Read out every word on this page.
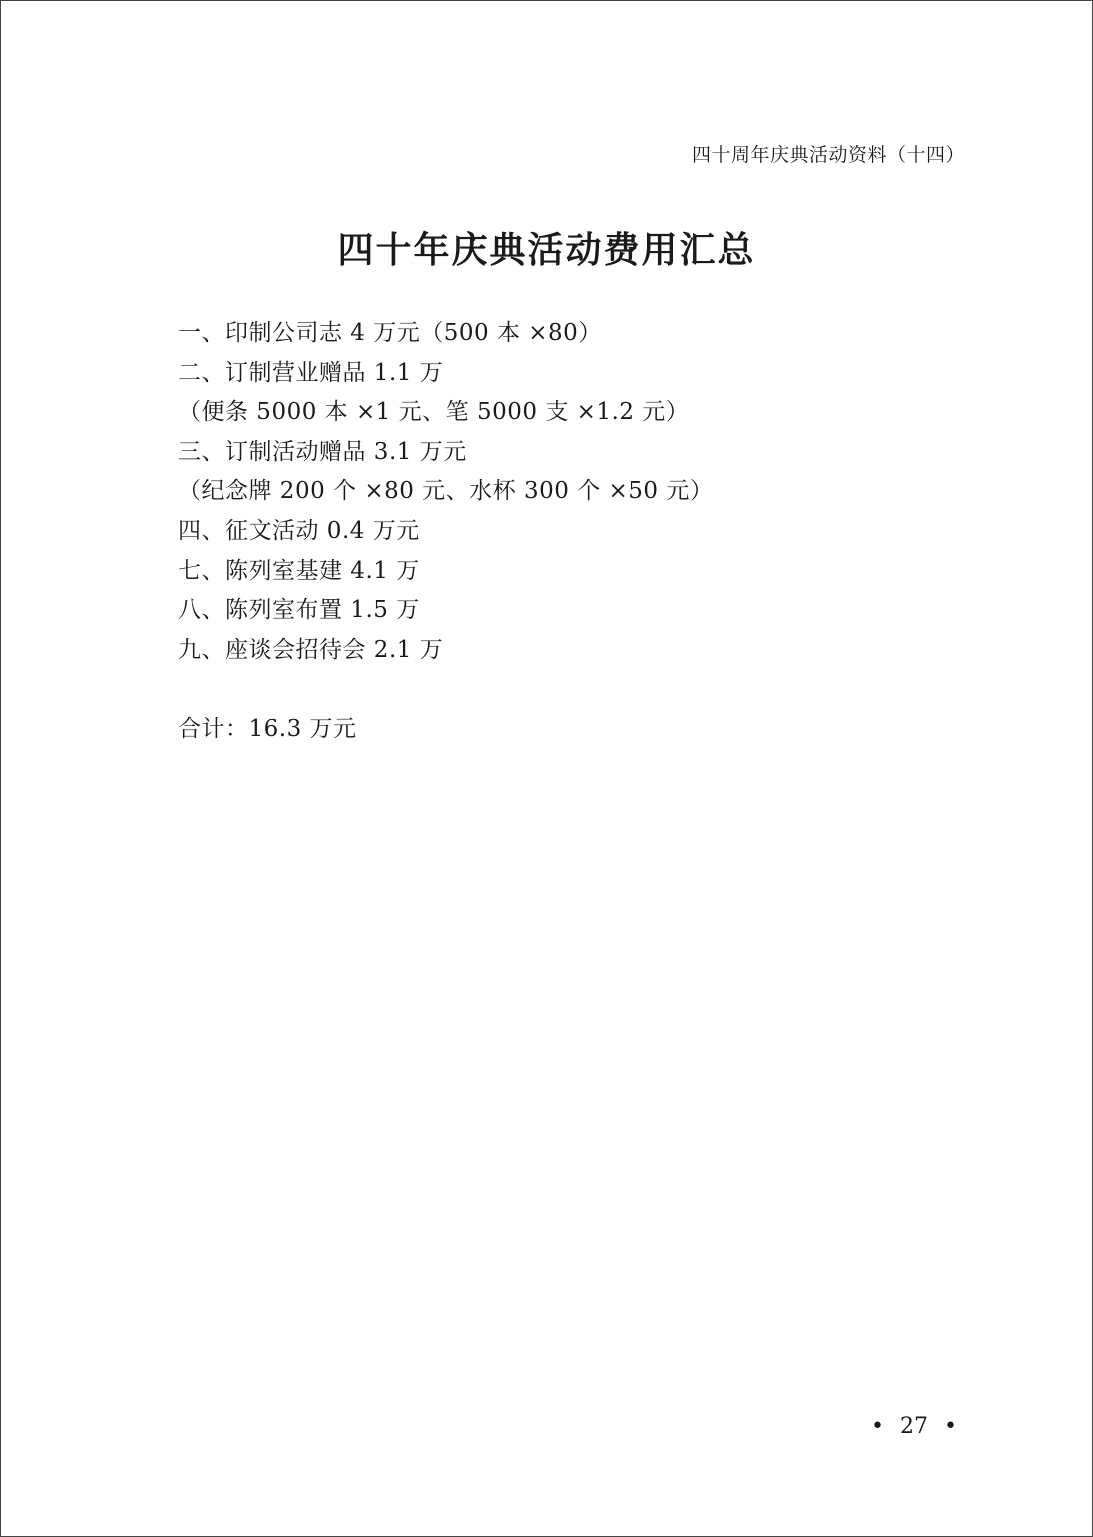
四十周年庆典活动资料（十四）
四十年庆典活动费用汇总
一、印制公司志 4 万元（500 本 ×80）
二、订制营业赠品 1.1 万
（便条 5000 本 ×1 元、笔 5000 支 ×1.2 元）
三、订制活动赠品 3.1 万元
（纪念牌 200 个 ×80 元、水杯 300 个 ×50 元）
四、征文活动 0.4 万元
七、陈列室基建 4.1 万
八、陈列室布置 1.5 万
九、座谈会招待会 2.1 万
合计：16.3 万元
• 27 •
